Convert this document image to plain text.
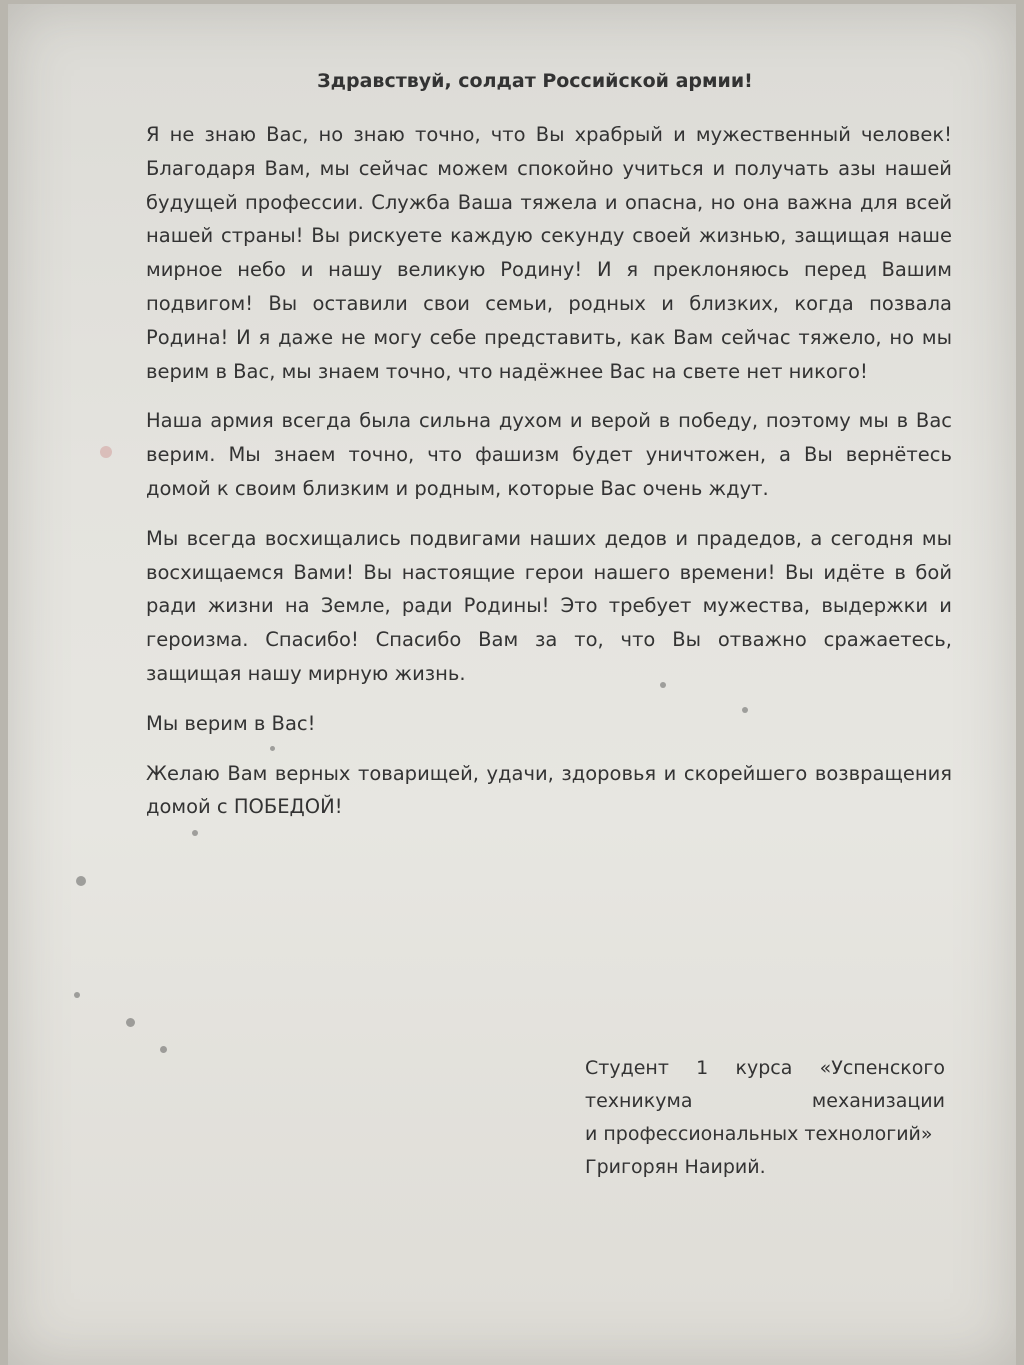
Здравствуй, солдат Российской армии!

Я не знаю Вас, но знаю точно, что Вы храбрый и мужественный человек! Благодаря Вам, мы сейчас можем спокойно учиться и получать азы нашей будущей профессии. Служба Ваша тяжела и опасна, но она важна для всей нашей страны! Вы рискуете каждую секунду своей жизнью, защищая наше мирное небо и нашу великую Родину! И я преклоняюсь перед Вашим подвигом! Вы оставили свои семьи, родных и близких, когда позвала Родина! И я даже не могу себе представить, как Вам сейчас тяжело, но мы верим в Вас, мы знаем точно, что надёжнее Вас на свете нет никого!

Наша армия всегда была сильна духом и верой в победу, поэтому мы в Вас верим. Мы знаем точно, что фашизм будет уничтожен, а Вы вернётесь домой к своим близким и родным, которые Вас очень ждут.

Мы всегда восхищались подвигами наших дедов и прадедов, а сегодня мы восхищаемся Вами! Вы настоящие герои нашего времени! Вы идёте в бой ради жизни на Земле, ради Родины! Это требует мужества, выдержки и героизма. Спасибо! Спасибо Вам за то, что Вы отважно сражаетесь, защищая нашу мирную жизнь.

Мы верим в Вас!

Желаю Вам верных товарищей, удачи, здоровья и скорейшего возвращения домой с ПОБЕДОЙ!

Студент 1 курса «Успенского
техникума механизации
и профессиональных технологий»
Григорян Наирий.
